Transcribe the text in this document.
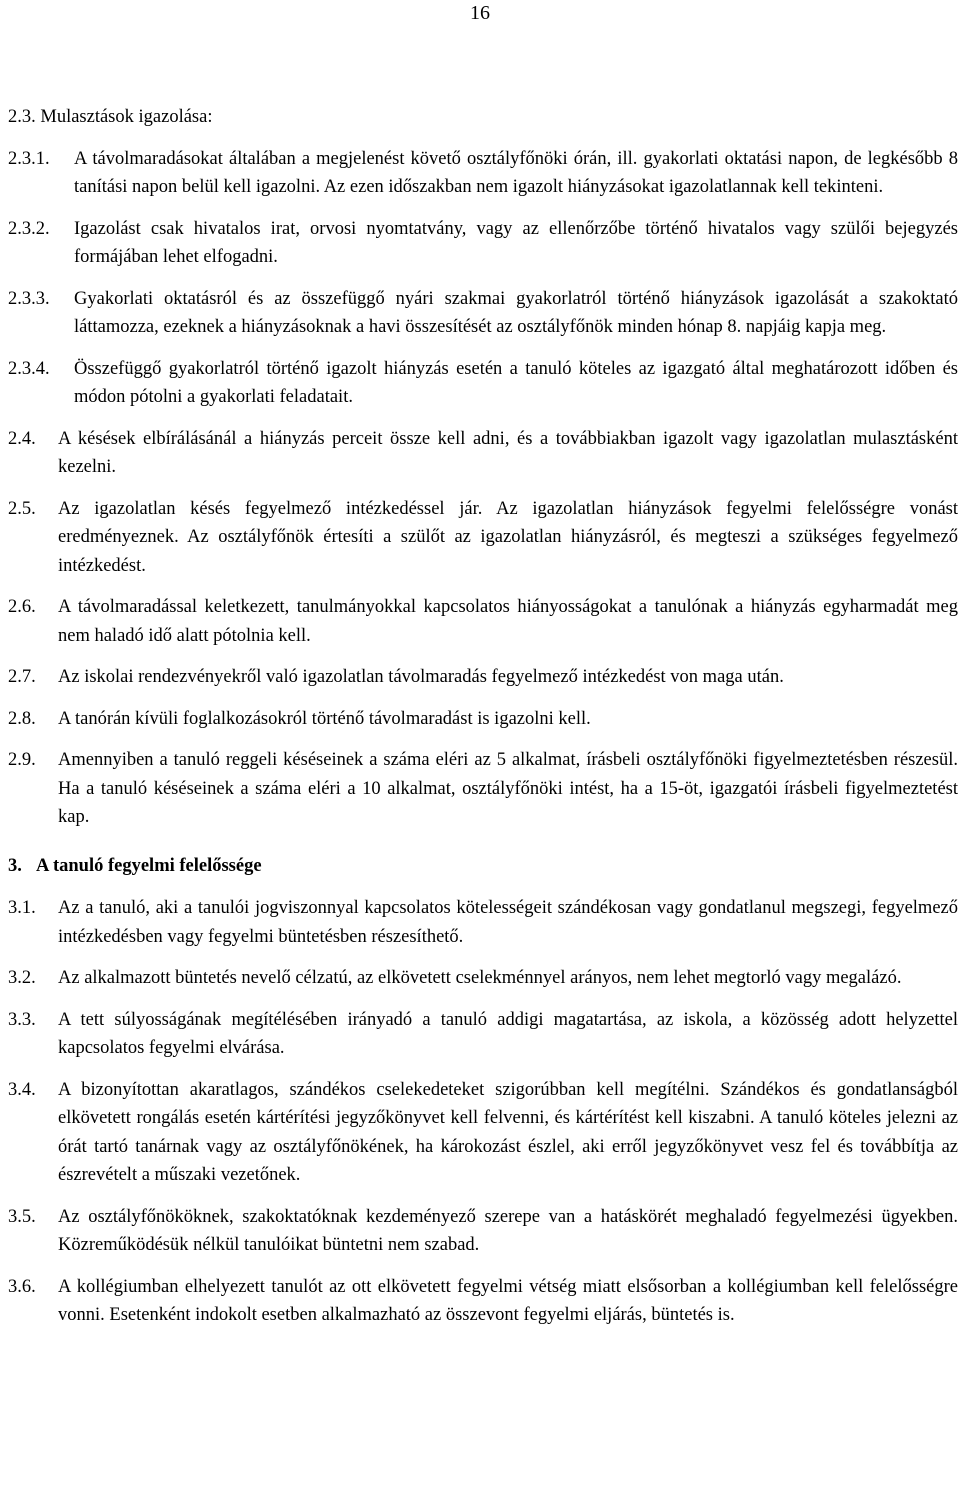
16
2.3. Mulasztások igazolása:
2.3.1. A távolmaradásokat általában a megjelenést követő osztályfőnöki órán, ill. gyakorlati oktatási napon, de legkésőbb 8 tanítási napon belül kell igazolni. Az ezen időszakban nem igazolt hiányzásokat igazolatlannak kell tekinteni.
2.3.2. Igazolást csak hivatalos irat, orvosi nyomtatvány, vagy az ellenőrzőbe történő hivatalos vagy szülői bejegyzés formájában lehet elfogadni.
2.3.3. Gyakorlati oktatásról és az összefüggő nyári szakmai gyakorlatról történő hiányzások igazolását a szakoktató láttamozza, ezeknek a hiányzásoknak a havi összesítését az osztályfőnök minden hónap 8. napjáig kapja meg.
2.3.4. Összefüggő gyakorlatról történő igazolt hiányzás esetén a tanuló köteles az igazgató által meghatározott időben és módon pótolni a gyakorlati feladatait.
2.4. A késések elbírálásánál a hiányzás perceit össze kell adni, és a továbbiakban igazolt vagy igazolatlan mulasztásként kezelni.
2.5. Az igazolatlan késés fegyelmező intézkedéssel jár. Az igazolatlan hiányzások fegyelmi felelősségre vonást eredményeznek. Az osztályfőnök értesíti a szülőt az igazolatlan hiányzásról, és megteszi a szükséges fegyelmező intézkedést.
2.6. A távolmaradással keletkezett, tanulmányokkal kapcsolatos hiányosságokat a tanulónak a hiányzás egyharmadát meg nem haladó idő alatt pótolnia kell.
2.7. Az iskolai rendezvényekről való igazolatlan távolmaradás fegyelmező intézkedést von maga után.
2.8. A tanórán kívüli foglalkozásokról történő távolmaradást is igazolni kell.
2.9. Amennyiben a tanuló reggeli késéseinek a száma eléri az 5 alkalmat, írásbeli osztályfőnöki figyelmeztetésben részesül. Ha a tanuló késéseinek a száma eléri a 10 alkalmat, osztályfőnöki intést, ha a 15-öt, igazgatói írásbeli figyelmeztetést kap.
3. A tanuló fegyelmi felelőssége
3.1. Az a tanuló, aki a tanulói jogviszonnyal kapcsolatos kötelességeit szándékosan vagy gondatlanul megszegi, fegyelmező intézkedésben vagy fegyelmi büntetésben részesíthető.
3.2. Az alkalmazott büntetés nevelő célzatú, az elkövetett cselekménnyel arányos, nem lehet megtorló vagy megalázó.
3.3. A tett súlyosságának megítélésében irányadó a tanuló addigi magatartása, az iskola, a közösség adott helyzettel kapcsolatos fegyelmi elvárása.
3.4. A bizonyítottan akaratlagos, szándékos cselekedeteket szigorúbban kell megítélni. Szándékos és gondatlanságból elkövetett rongálás esetén kártérítési jegyzőkönyvet kell felvenni, és kártérítést kell kiszabni. A tanuló köteles jelezni az órát tartó tanárnak vagy az osztályfőnökének, ha károkozást észlel, aki erről jegyzőkönyvet vesz fel és továbbítja az észrevételt a műszaki vezetőnek.
3.5. Az osztályfőnököknek, szakoktatóknak kezdeményező szerepe van a hatáskörét meghaladó fegyelmezési ügyekben. Közreműködésük nélkül tanulóikat büntetni nem szabad.
3.6. A kollégiumban elhelyezett tanulót az ott elkövetett fegyelmi vétség miatt elsősorban a kollégiumban kell felelősségre vonni. Esetenként indokolt esetben alkalmazható az összevont fegyelmi eljárás, büntetés is.
